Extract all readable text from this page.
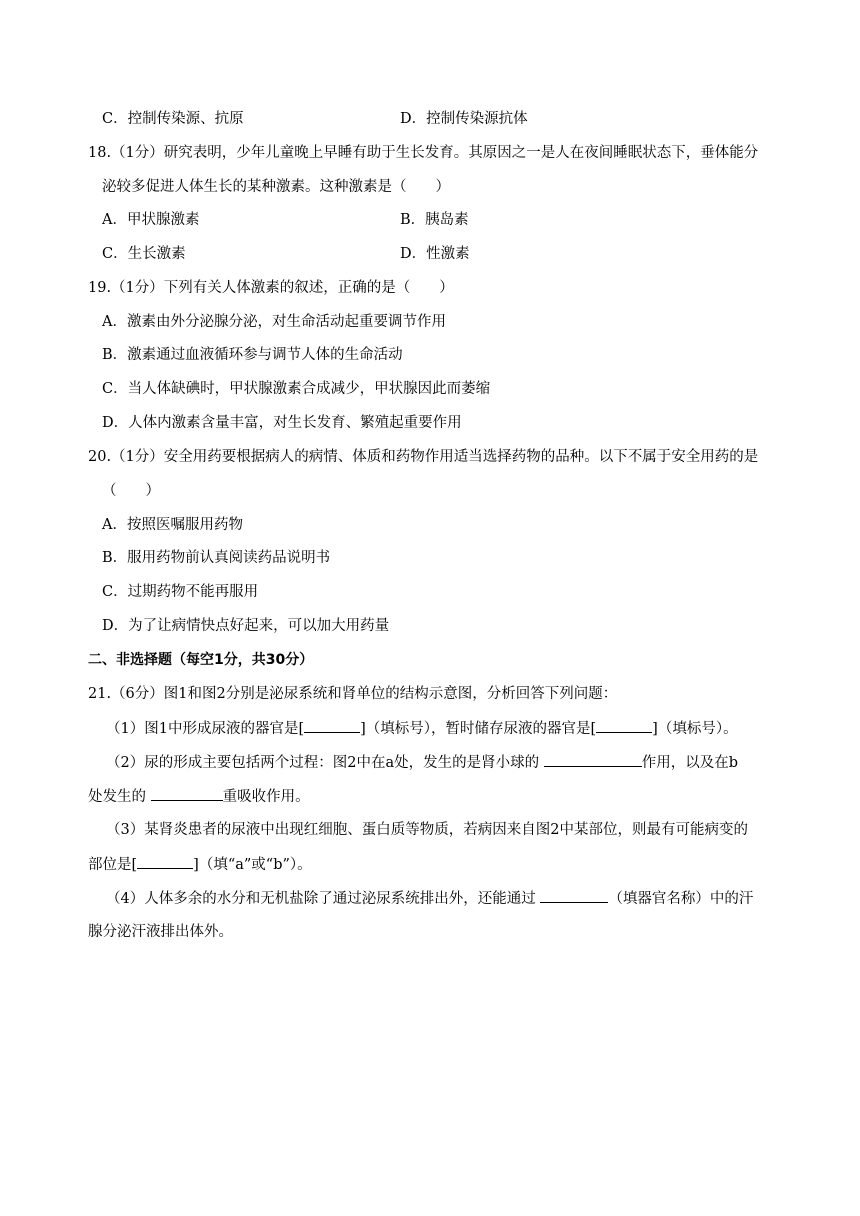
C．控制传染源、抗原	D．控制传染源抗体
18.（1分）研究表明，少年儿童晚上早睡有助于生长发育。其原因之一是人在夜间睡眠状态下，垂体能分
泌较多促进人体生长的某种激素。这种激素是（　　）
A．甲状腺激素	B．胰岛素
C．生长激素	D．性激素
19.（1分）下列有关人体激素的叙述，正确的是（　　）
A．激素由外分泌腺分泌，对生命活动起重要调节作用
B．激素通过血液循环参与调节人体的生命活动
C．当人体缺碘时，甲状腺激素合成减少，甲状腺因此而萎缩
D．人体内激素含量丰富，对生长发育、繁殖起重要作用
20.（1分）安全用药要根据病人的病情、体质和药物作用适当选择药物的品种。以下不属于安全用药的是
（　　）
A．按照医嘱服用药物
B．服用药物前认真阅读药品说明书
C．过期药物不能再服用
D．为了让病情快点好起来，可以加大用药量
二、非选择题（每空1分，共30分）
21.（6分）图1和图2分别是泌尿系统和肾单位的结构示意图，分析回答下列问题：
（1）图1中形成尿液的器官是[	]（填标号），暂时储存尿液的器官是[	]（填标号）。
（2）尿的形成主要包括两个过程：图2中在a处，发生的是肾小球的	作用，以及在b
处发生的	重吸收作用。
（3）某肾炎患者的尿液中出现红细胞、蛋白质等物质，若病因来自图2中某部位，则最有可能病变的
部位是[	]（填“a”或“b”）。
（4）人体多余的水分和无机盐除了通过泌尿系统排出外，还能通过	（填器官名称）中的汗
腺分泌汗液排出体外。
